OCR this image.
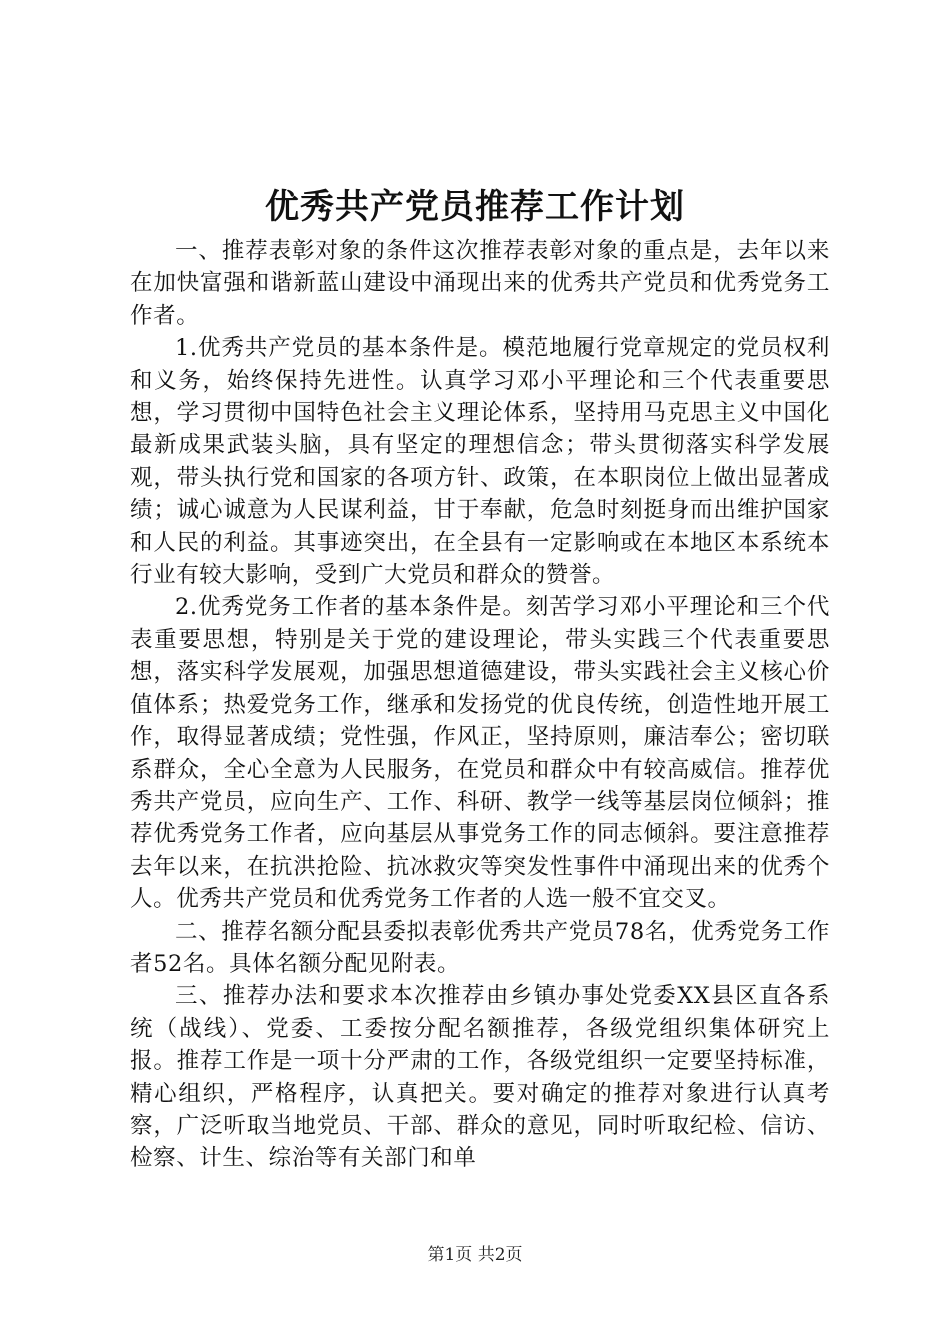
优秀共产党员推荐工作计划

一、推荐表彰对象的条件这次推荐表彰对象的重点是，去年以来在加快富强和谐新蓝山建设中涌现出来的优秀共产党员和优秀党务工作者。

1.优秀共产党员的基本条件是。模范地履行党章规定的党员权利和义务，始终保持先进性。认真学习邓小平理论和三个代表重要思想，学习贯彻中国特色社会主义理论体系，坚持用马克思主义中国化最新成果武装头脑，具有坚定的理想信念；带头贯彻落实科学发展观，带头执行党和国家的各项方针、政策，在本职岗位上做出显著成绩；诚心诚意为人民谋利益，甘于奉献，危急时刻挺身而出维护国家和人民的利益。其事迹突出，在全县有一定影响或在本地区本系统本行业有较大影响，受到广大党员和群众的赞誉。

2.优秀党务工作者的基本条件是。刻苦学习邓小平理论和三个代表重要思想，特别是关于党的建设理论，带头实践三个代表重要思想，落实科学发展观，加强思想道德建设，带头实践社会主义核心价值体系；热爱党务工作，继承和发扬党的优良传统，创造性地开展工作，取得显著成绩；党性强，作风正，坚持原则，廉洁奉公；密切联系群众，全心全意为人民服务，在党员和群众中有较高威信。推荐优秀共产党员，应向生产、工作、科研、教学一线等基层岗位倾斜；推荐优秀党务工作者，应向基层从事党务工作的同志倾斜。要注意推荐去年以来，在抗洪抢险、抗冰救灾等突发性事件中涌现出来的优秀个人。优秀共产党员和优秀党务工作者的人选一般不宜交叉。

二、推荐名额分配县委拟表彰优秀共产党员78名，优秀党务工作者52名。具体名额分配见附表。

三、推荐办法和要求本次推荐由乡镇办事处党委XX县区直各系统（战线）、党委、工委按分配名额推荐，各级党组织集体研究上报。推荐工作是一项十分严肃的工作，各级党组织一定要坚持标准，精心组织，严格程序，认真把关。要对确定的推荐对象进行认真考察，广泛听取当地党员、干部、群众的意见，同时听取纪检、信访、检察、计生、综治等有关部门和单

第1页 共2页
